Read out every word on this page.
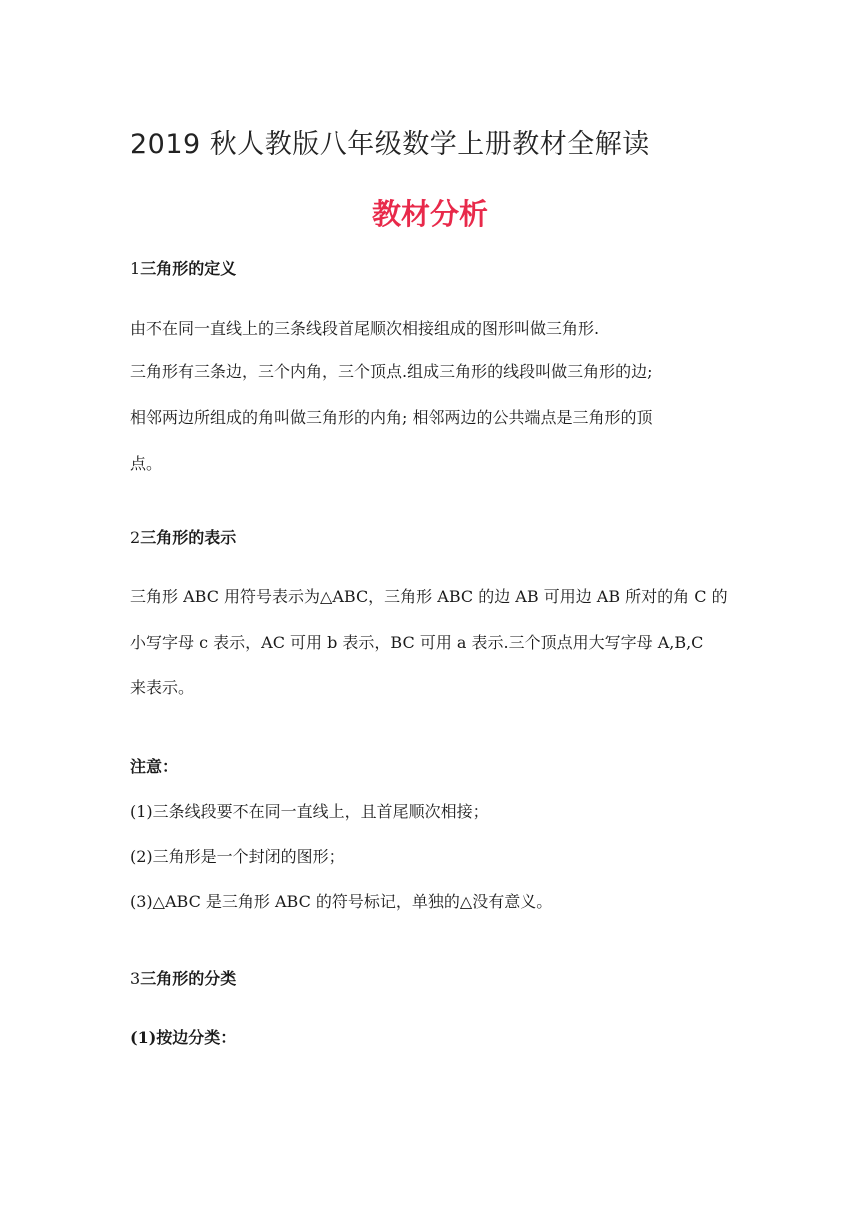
2019 秋人教版八年级数学上册教材全解读
教材分析
1三角形的定义
由不在同一直线上的三条线段首尾顺次相接组成的图形叫做三角形.
三角形有三条边，三个内角，三个顶点.组成三角形的线段叫做三角形的边;
相邻两边所组成的角叫做三角形的内角; 相邻两边的公共端点是三角形的顶
点。
2三角形的表示
三角形 ABC 用符号表示为△ABC，三角形 ABC 的边 AB 可用边 AB 所对的角 C 的
小写字母 c 表示，AC 可用 b 表示，BC 可用 a 表示.三个顶点用大写字母 A,B,C
来表示。
注意：
(1)三条线段要不在同一直线上，且首尾顺次相接；
(2)三角形是一个封闭的图形；
(3)△ABC 是三角形 ABC 的符号标记，单独的△没有意义。
3三角形的分类
(1)按边分类：
